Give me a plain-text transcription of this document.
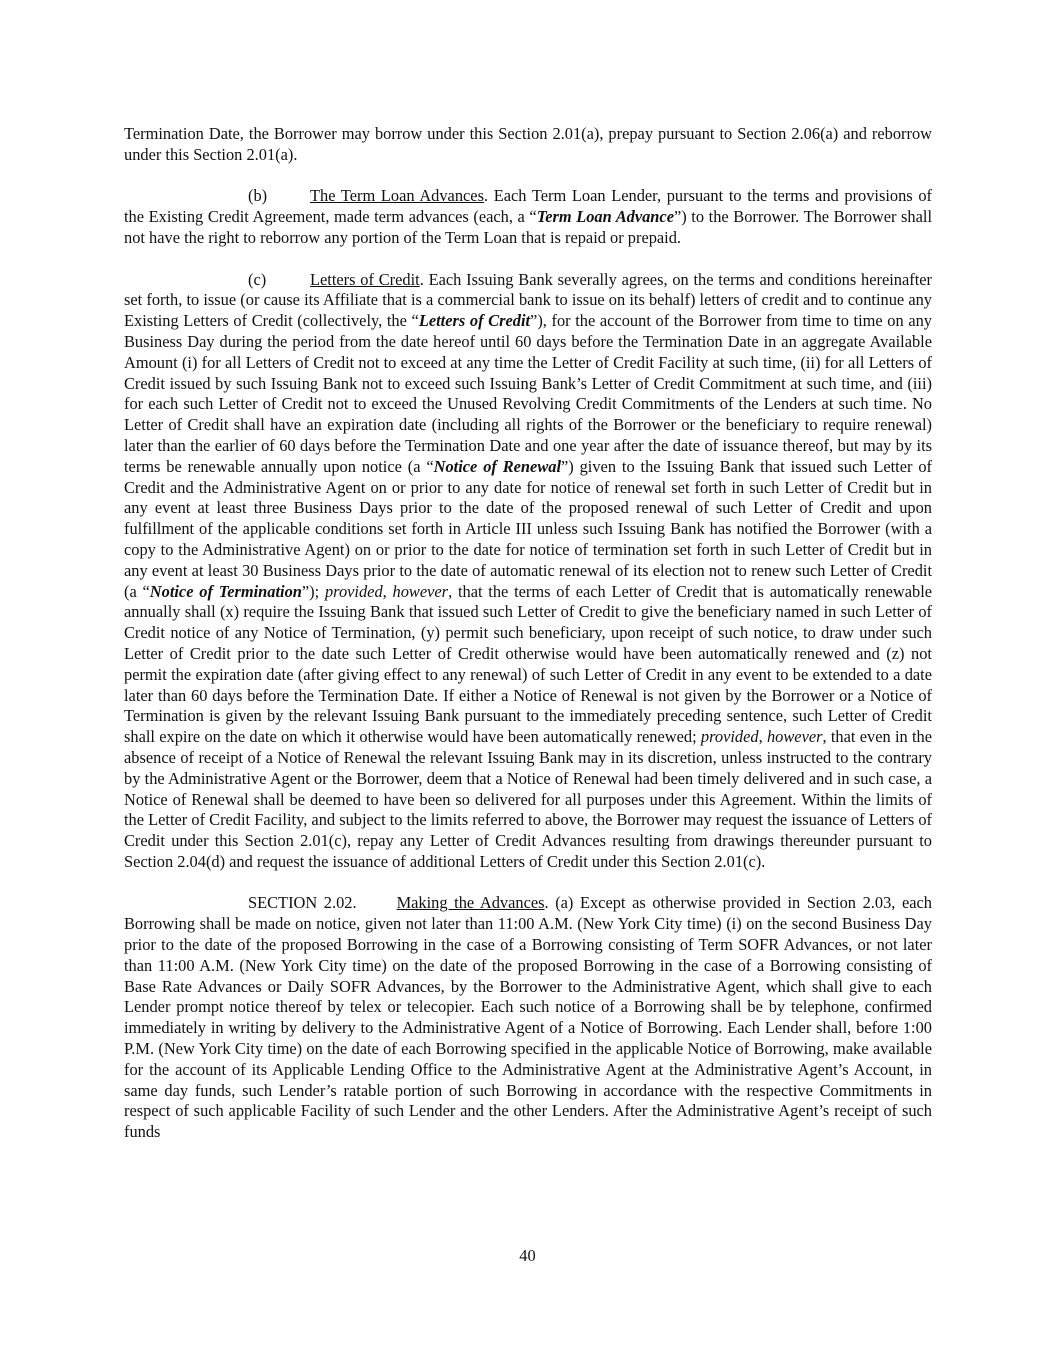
Termination Date, the Borrower may borrow under this Section 2.01(a), prepay pursuant to Section 2.06(a) and reborrow under this Section 2.01(a).

(b)	The Term Loan Advances. Each Term Loan Lender, pursuant to the terms and provisions of the Existing Credit Agreement, made term advances (each, a “Term Loan Advance”) to the Borrower. The Borrower shall not have the right to reborrow any portion of the Term Loan that is repaid or prepaid.

(c)	Letters of Credit. Each Issuing Bank severally agrees, on the terms and conditions hereinafter set forth, to issue (or cause its Affiliate that is a commercial bank to issue on its behalf) letters of credit and to continue any Existing Letters of Credit (collectively, the “Letters of Credit”), for the account of the Borrower from time to time on any Business Day during the period from the date hereof until 60 days before the Termination Date in an aggregate Available Amount (i) for all Letters of Credit not to exceed at any time the Letter of Credit Facility at such time, (ii) for all Letters of Credit issued by such Issuing Bank not to exceed such Issuing Bank’s Letter of Credit Commitment at such time, and (iii) for each such Letter of Credit not to exceed the Unused Revolving Credit Commitments of the Lenders at such time. No Letter of Credit shall have an expiration date (including all rights of the Borrower or the beneficiary to require renewal) later than the earlier of 60 days before the Termination Date and one year after the date of issuance thereof, but may by its terms be renewable annually upon notice (a “Notice of Renewal”) given to the Issuing Bank that issued such Letter of Credit and the Administrative Agent on or prior to any date for notice of renewal set forth in such Letter of Credit but in any event at least three Business Days prior to the date of the proposed renewal of such Letter of Credit and upon fulfillment of the applicable conditions set forth in Article III unless such Issuing Bank has notified the Borrower (with a copy to the Administrative Agent) on or prior to the date for notice of termination set forth in such Letter of Credit but in any event at least 30 Business Days prior to the date of automatic renewal of its election not to renew such Letter of Credit (a “Notice of Termination”); provided, however, that the terms of each Letter of Credit that is automatically renewable annually shall (x) require the Issuing Bank that issued such Letter of Credit to give the beneficiary named in such Letter of Credit notice of any Notice of Termination, (y) permit such beneficiary, upon receipt of such notice, to draw under such Letter of Credit prior to the date such Letter of Credit otherwise would have been automatically renewed and (z) not permit the expiration date (after giving effect to any renewal) of such Letter of Credit in any event to be extended to a date later than 60 days before the Termination Date. If either a Notice of Renewal is not given by the Borrower or a Notice of Termination is given by the relevant Issuing Bank pursuant to the immediately preceding sentence, such Letter of Credit shall expire on the date on which it otherwise would have been automatically renewed; provided, however, that even in the absence of receipt of a Notice of Renewal the relevant Issuing Bank may in its discretion, unless instructed to the contrary by the Administrative Agent or the Borrower, deem that a Notice of Renewal had been timely delivered and in such case, a Notice of Renewal shall be deemed to have been so delivered for all purposes under this Agreement. Within the limits of the Letter of Credit Facility, and subject to the limits referred to above, the Borrower may request the issuance of Letters of Credit under this Section 2.01(c), repay any Letter of Credit Advances resulting from drawings thereunder pursuant to Section 2.04(d) and request the issuance of additional Letters of Credit under this Section 2.01(c).

SECTION 2.02. Making the Advances. (a) Except as otherwise provided in Section 2.03, each Borrowing shall be made on notice, given not later than 11:00 A.M. (New York City time) (i) on the second Business Day prior to the date of the proposed Borrowing in the case of a Borrowing consisting of Term SOFR Advances, or not later than 11:00 A.M. (New York City time) on the date of the proposed Borrowing in the case of a Borrowing consisting of Base Rate Advances or Daily SOFR Advances, by the Borrower to the Administrative Agent, which shall give to each Lender prompt notice thereof by telex or telecopier. Each such notice of a Borrowing shall be by telephone, confirmed immediately in writing by delivery to the Administrative Agent of a Notice of Borrowing. Each Lender shall, before 1:00 P.M. (New York City time) on the date of each Borrowing specified in the applicable Notice of Borrowing, make available for the account of its Applicable Lending Office to the Administrative Agent at the Administrative Agent’s Account, in same day funds, such Lender’s ratable portion of such Borrowing in accordance with the respective Commitments in respect of such applicable Facility of such Lender and the other Lenders. After the Administrative Agent’s receipt of such funds

40
